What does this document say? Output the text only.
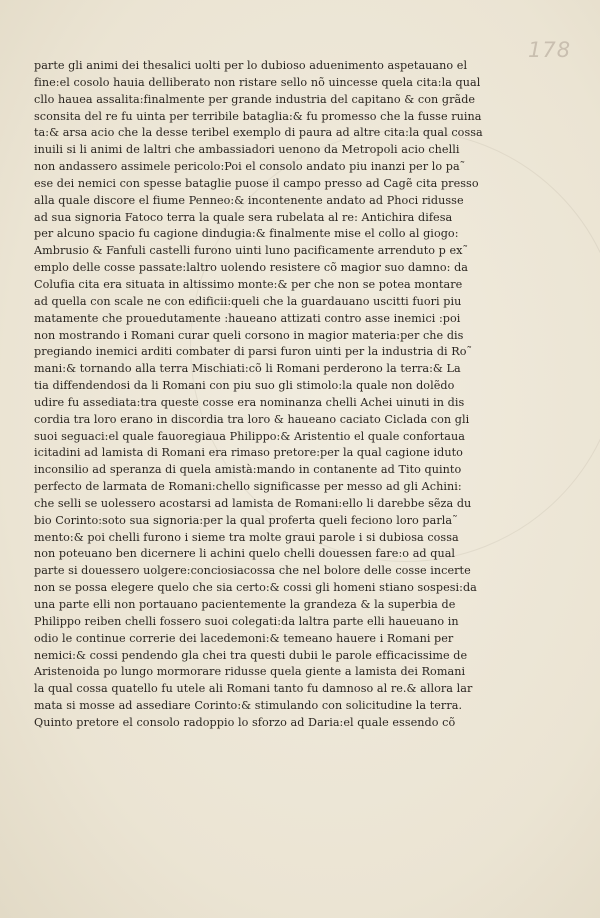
178
parte gli animi dei thesalici uolti per lo dubioso aduenimento aspetauano el
fine:el cosolo hauia delliberato non ristare sello nõ uincesse quela cita:la qual
cllo hauea assalita:finalmente per grande industria del capitano & con grãde
sconsita del re fu uinta per terribile bataglia:& fu promesso che la fusse ruina
ta:& arsa acio che la desse teribel exemplo di paura ad altre cita:la qual cossa
inuili si li animi de laltri che ambassiadori uenono da Metropoli acio chelli
non andassero assimele pericolo:Poi el consolo andato piu inanzi per lo pa˜
ese dei nemici con spesse bataglie puose il campo presso ad Cagẽ cita presso
alla quale discore el fiume Penneo:& incontenente andato ad Phoci ridusse
ad sua signoria Fatoco terra la quale sera rubelata al re: Antichira difesa
per alcuno spacio fu cagione dindugia:& finalmente mise el collo al giogo:
Ambrusio & Fanfuli castelli furono uinti luno pacificamente arrenduto p ex˜
emplo delle cosse passate:laltro uolendo resistere cõ magior suo damno: da
Colufia cita era situata in altissimo monte:& per che non se potea montare
ad quella con scale ne con edificii:queli che la guardauano uscitti fuori piu
matamente che prouedutamente :haueano attizati contro asse inemici :poi
non mostrando i Romani curar queli corsono in magior materia:per che dis
pregiando inemici arditi combater di parsi furon uinti per la industria di Ro˜
mani:& tornando alla terra Mischiati:cõ li Romani perderono la terra:& La
tia diffendendosi da li Romani con piu suo gli stimolo:la quale non dolẽdo
udire fu assediata:tra queste cosse era nominanza chelli Achei uinuti in dis
cordia tra loro erano in discordia tra loro & haueano caciato Ciclada con gli
suoi seguaci:el quale fauoregiaua Philippo:& Aristentio el quale confortaua
icitadini ad lamista di Romani era rimaso pretore:per la qual cagione iduto
inconsilio ad speranza di quela amistà:mando in contanente ad Tito quinto
perfecto de larmata de Romani:chello significasse per messo ad gli Achini:
che selli se uolessero acostarsi ad lamista de Romani:ello li darebbe sẽza du
bio Corinto:soto sua signoria:per la qual proferta queli feciono loro parla˜
mento:& poi chelli furono i sieme tra molte graui parole i si dubiosa cossa
non poteuano ben dicernere li achini quelo chelli douessen fare:o ad qual
parte si douessero uolgere:conciosiacossa che nel bolore delle cosse incerte
non se possa elegere quelo che sia certo:& cossi gli homeni stiano sospesi:da
una parte elli non portauano pacientemente la grandeza & la superbia de
Philippo reiben chelli fossero suoi colegati:da laltra parte elli haueuano in
odio le continue correrie dei lacedemoni:& temeano hauere i Romani per
nemici:& cossi pendendo gla chei tra questi dubii le parole efficacissime de
Aristenoida po lungo mormorare ridusse quela giente a lamista dei Romani
la qual cossa quatello fu utele ali Romani tanto fu damnoso al re.& allora lar
mata si mosse ad assediare Corinto:& stimulando con solicitudine la terra.
Quinto pretore el consolo radoppio lo sforzo ad Daria:el quale essendo cõ
